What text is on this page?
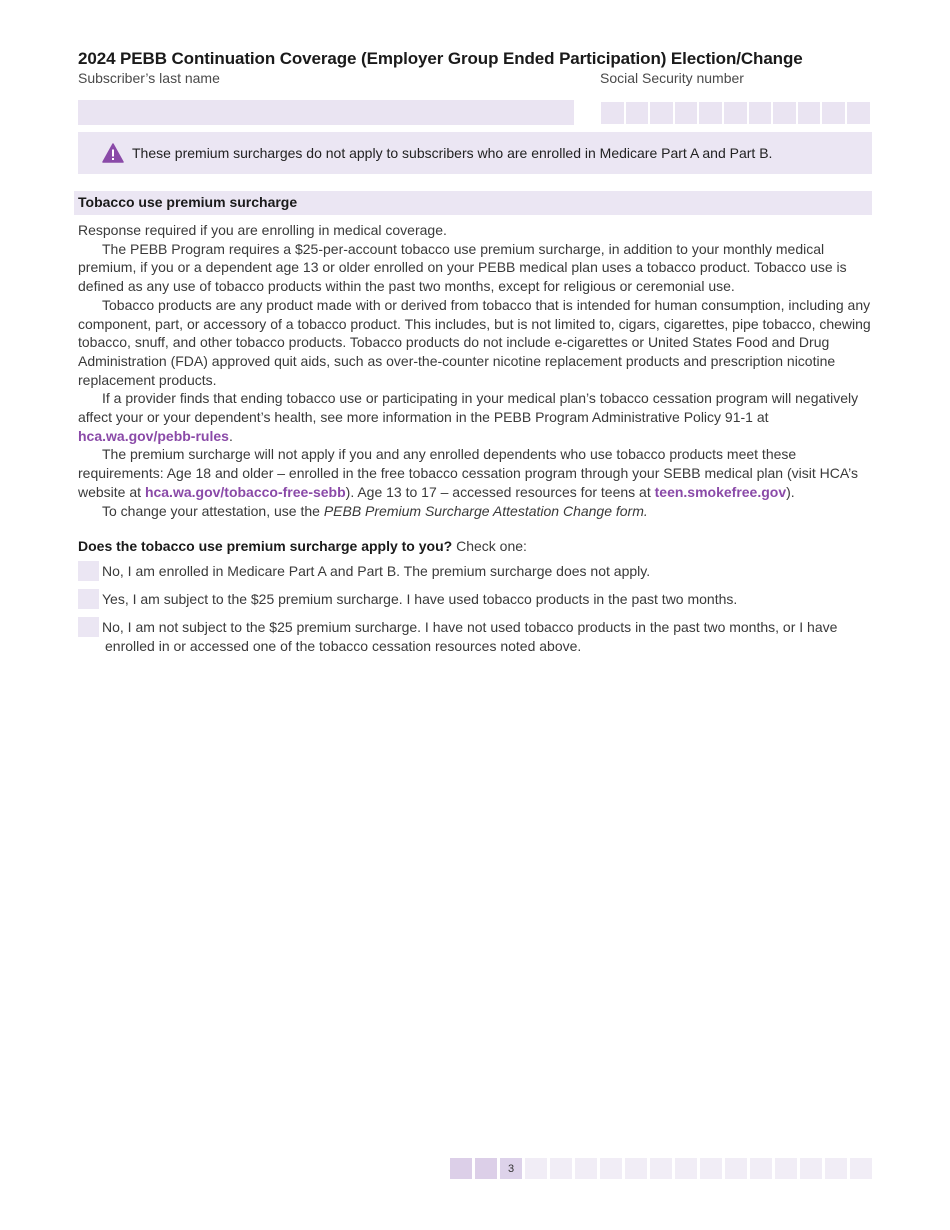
2024 PEBB Continuation Coverage (Employer Group Ended Participation) Election/Change
Subscriber’s last name	Social Security number
These premium surcharges do not apply to subscribers who are enrolled in Medicare Part A and Part B.
Tobacco use premium surcharge

Response required if you are enrolling in medical coverage.

The PEBB Program requires a $25-per-account tobacco use premium surcharge, in addition to your monthly medical premium, if you or a dependent age 13 or older enrolled on your PEBB medical plan uses a tobacco product. Tobacco use is defined as any use of tobacco products within the past two months, except for religious or ceremonial use.

Tobacco products are any product made with or derived from tobacco that is intended for human consumption, including any component, part, or accessory of a tobacco product. This includes, but is not limited to, cigars, cigarettes, pipe tobacco, chewing tobacco, snuff, and other tobacco products. Tobacco products do not include e-cigarettes or United States Food and Drug Administration (FDA) approved quit aids, such as over-the-counter nicotine replacement products and prescription nicotine replacement products.

If a provider finds that ending tobacco use or participating in your medical plan’s tobacco cessation program will negatively affect your or your dependent’s health, see more information in the PEBB Program Administrative Policy 91-1 at hca.wa.gov/pebb-rules.

The premium surcharge will not apply if you and any enrolled dependents who use tobacco products meet these requirements: Age 18 and older – enrolled in the free tobacco cessation program through your SEBB medical plan (visit HCA’s website at hca.wa.gov/tobacco-free-sebb). Age 13 to 17 – accessed resources for teens at teen.smokefree.gov).

To change your attestation, use the PEBB Premium Surcharge Attestation Change form.

Does the tobacco use premium surcharge apply to you? Check one:
No, I am enrolled in Medicare Part A and Part B. The premium surcharge does not apply.
Yes, I am subject to the $25 premium surcharge. I have used tobacco products in the past two months.
No, I am not subject to the $25 premium surcharge. I have not used tobacco products in the past two months, or I have
enrolled in or accessed one of the tobacco cessation resources noted above.
3
